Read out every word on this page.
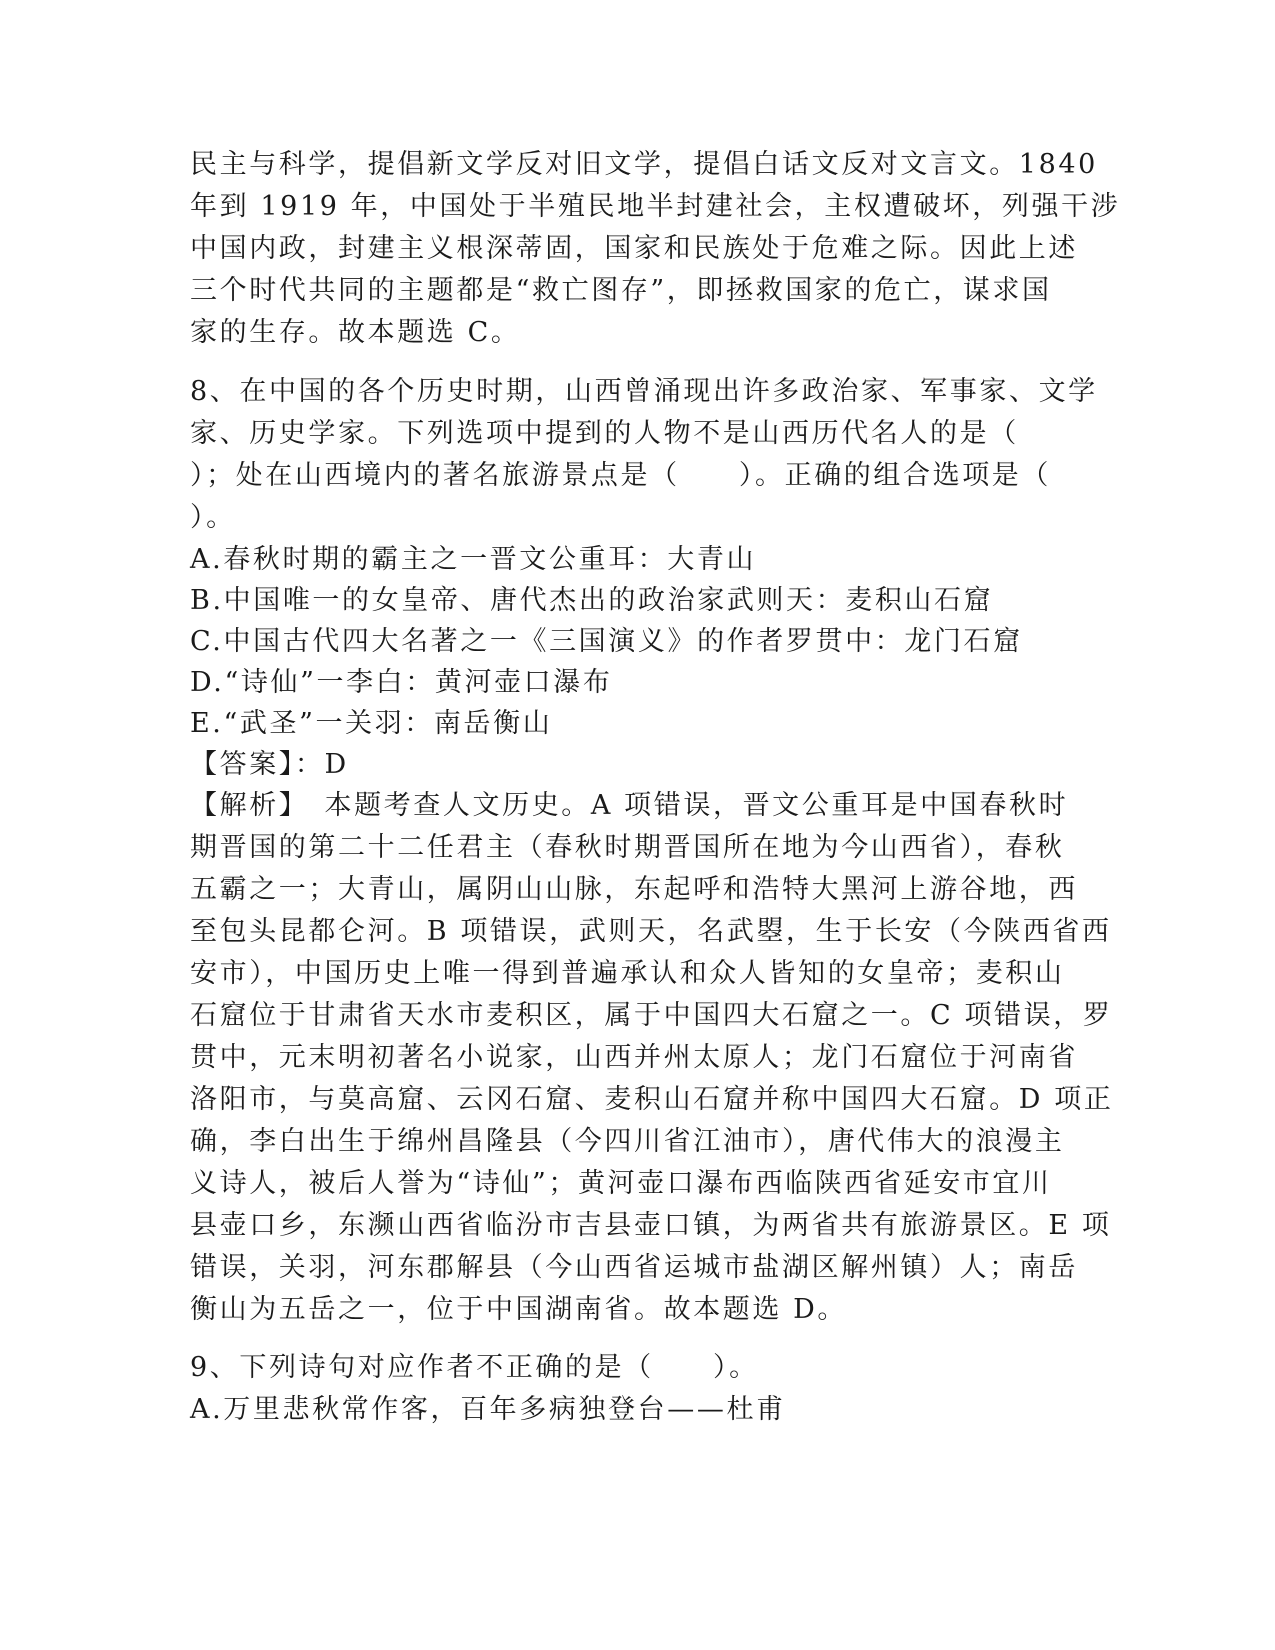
民主与科学，提倡新文学反对旧文学，提倡白话文反对文言文。1840
年到 1919 年，中国处于半殖民地半封建社会，主权遭破坏，列强干涉
中国内政，封建主义根深蒂固，国家和民族处于危难之际。因此上述
三个时代共同的主题都是“救亡图存”，即拯救国家的危亡，谋求国
家的生存。故本题选 C。
8、在中国的各个历史时期，山西曾涌现出许多政治家、军事家、文学
家、历史学家。下列选项中提到的人物不是山西历代名人的是（
）；处在山西境内的著名旅游景点是（　　）。正确的组合选项是（
）。
A.春秋时期的霸主之一晋文公重耳：大青山
B.中国唯一的女皇帝、唐代杰出的政治家武则天：麦积山石窟
C.中国古代四大名著之一《三国演义》的作者罗贯中：龙门石窟
D.“诗仙”一李白：黄河壶口瀑布
E.“武圣”一关羽：南岳衡山
【答案】：D
【解析】　本题考查人文历史。A 项错误，晋文公重耳是中国春秋时
期晋国的第二十二任君主（春秋时期晋国所在地为今山西省），春秋
五霸之一；大青山，属阴山山脉，东起呼和浩特大黑河上游谷地，西
至包头昆都仑河。B 项错误，武则天，名武曌，生于长安（今陕西省西
安市），中国历史上唯一得到普遍承认和众人皆知的女皇帝；麦积山
石窟位于甘肃省天水市麦积区，属于中国四大石窟之一。C 项错误，罗
贯中，元末明初著名小说家，山西并州太原人；龙门石窟位于河南省
洛阳市，与莫高窟、云冈石窟、麦积山石窟并称中国四大石窟。D 项正
确，李白出生于绵州昌隆县（今四川省江油市），唐代伟大的浪漫主
义诗人，被后人誉为“诗仙”；黄河壶口瀑布西临陕西省延安市宜川
县壶口乡，东濒山西省临汾市吉县壶口镇，为两省共有旅游景区。E 项
错误，关羽，河东郡解县（今山西省运城市盐湖区解州镇）人；南岳
衡山为五岳之一，位于中国湖南省。故本题选 D。
9、下列诗句对应作者不正确的是（　　）。
A.万里悲秋常作客，百年多病独登台——杜甫
